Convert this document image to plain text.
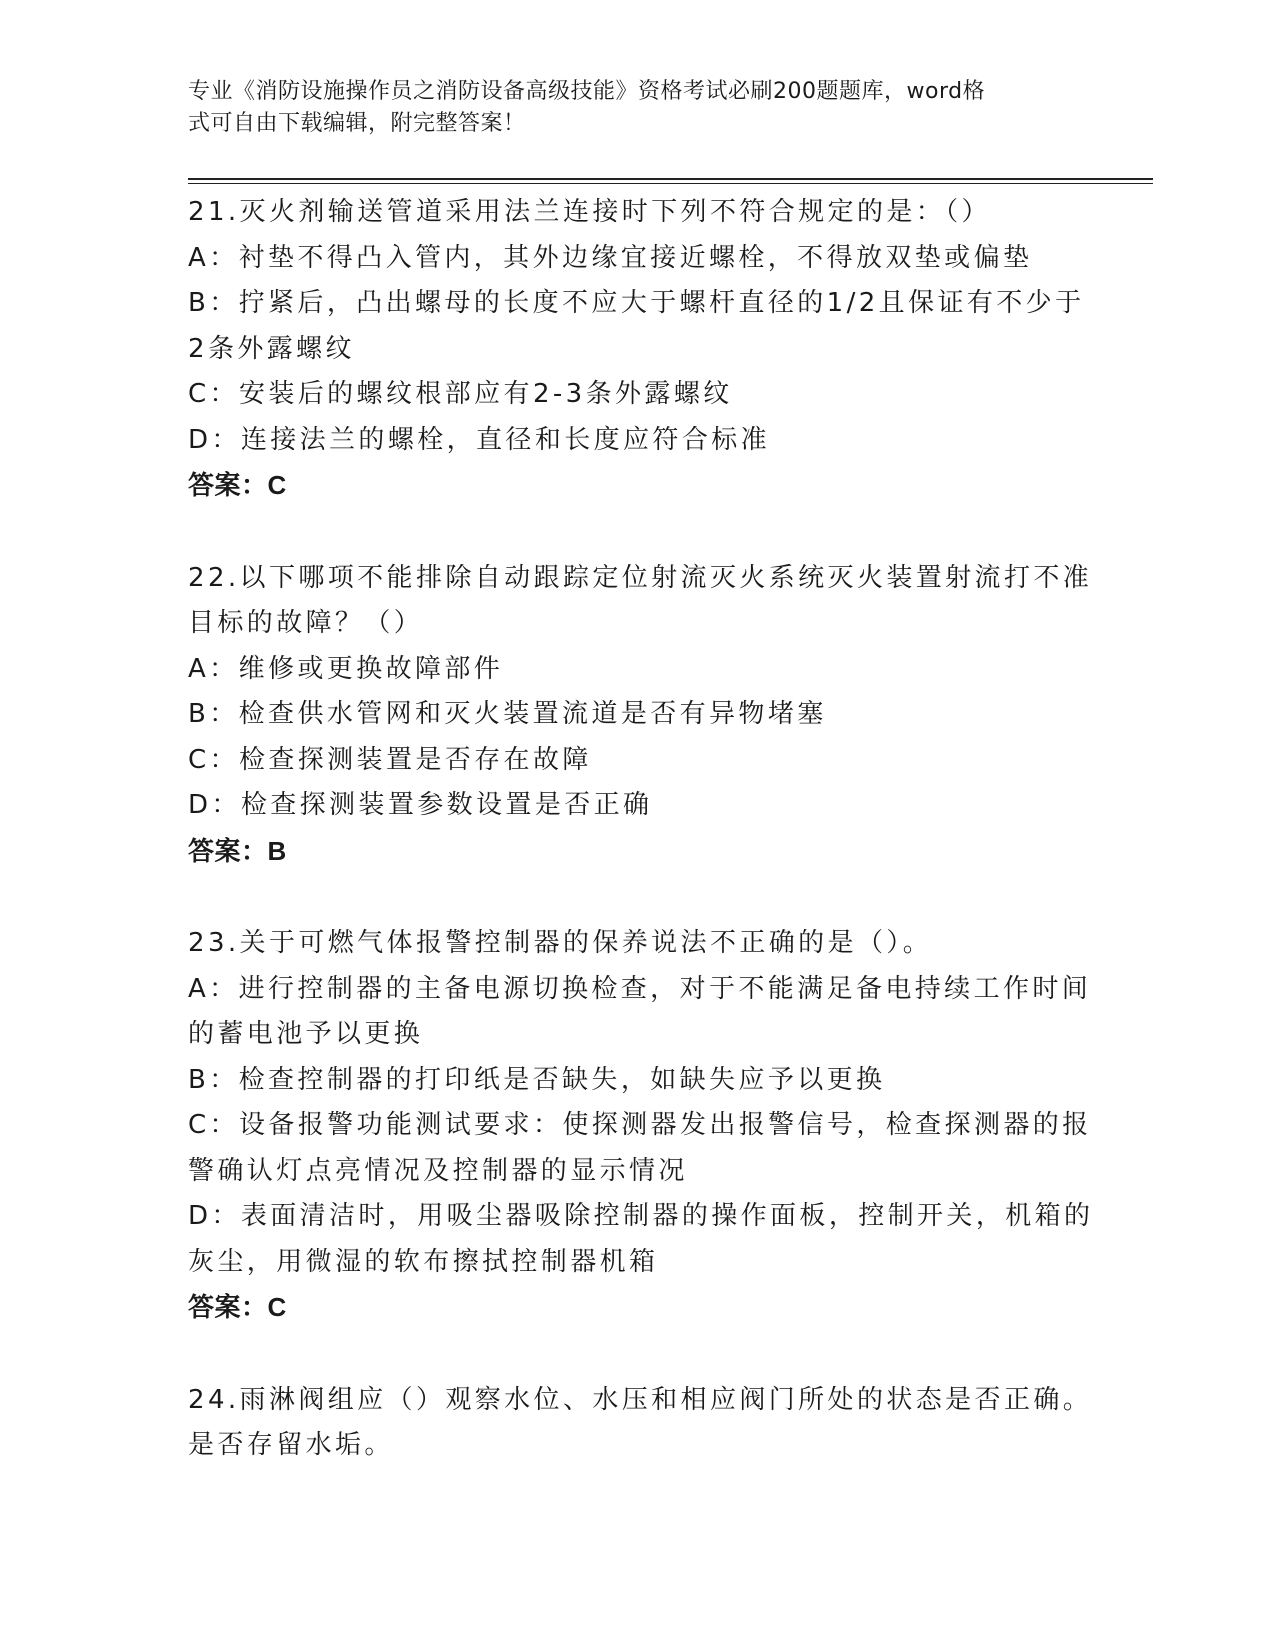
专业《消防设施操作员之消防设备高级技能》资格考试必刷200题题库，word格
式可自由下载编辑，附完整答案！
21.灭火剂输送管道采用法兰连接时下列不符合规定的是：（）
A：衬垫不得凸入管内，其外边缘宜接近螺栓，不得放双垫或偏垫
B：拧紧后，凸出螺母的长度不应大于螺杆直径的1/2且保证有不少于
2条外露螺纹
C：安装后的螺纹根部应有2-3条外露螺纹
D：连接法兰的螺栓，直径和长度应符合标准
答案：C
22.以下哪项不能排除自动跟踪定位射流灭火系统灭火装置射流打不准
目标的故障？（）
A：维修或更换故障部件
B：检查供水管网和灭火装置流道是否有异物堵塞
C：检查探测装置是否存在故障
D：检查探测装置参数设置是否正确
答案：B
23.关于可燃气体报警控制器的保养说法不正确的是（）。
A：进行控制器的主备电源切换检查，对于不能满足备电持续工作时间
的蓄电池予以更换
B：检查控制器的打印纸是否缺失，如缺失应予以更换
C：设备报警功能测试要求：使探测器发出报警信号，检查探测器的报
警确认灯点亮情况及控制器的显示情况
D：表面清洁时，用吸尘器吸除控制器的操作面板，控制开关，机箱的
灰尘，用微湿的软布擦拭控制器机箱
答案：C
24.雨淋阀组应（）观察水位、水压和相应阀门所处的状态是否正确。
是否存留水垢。
